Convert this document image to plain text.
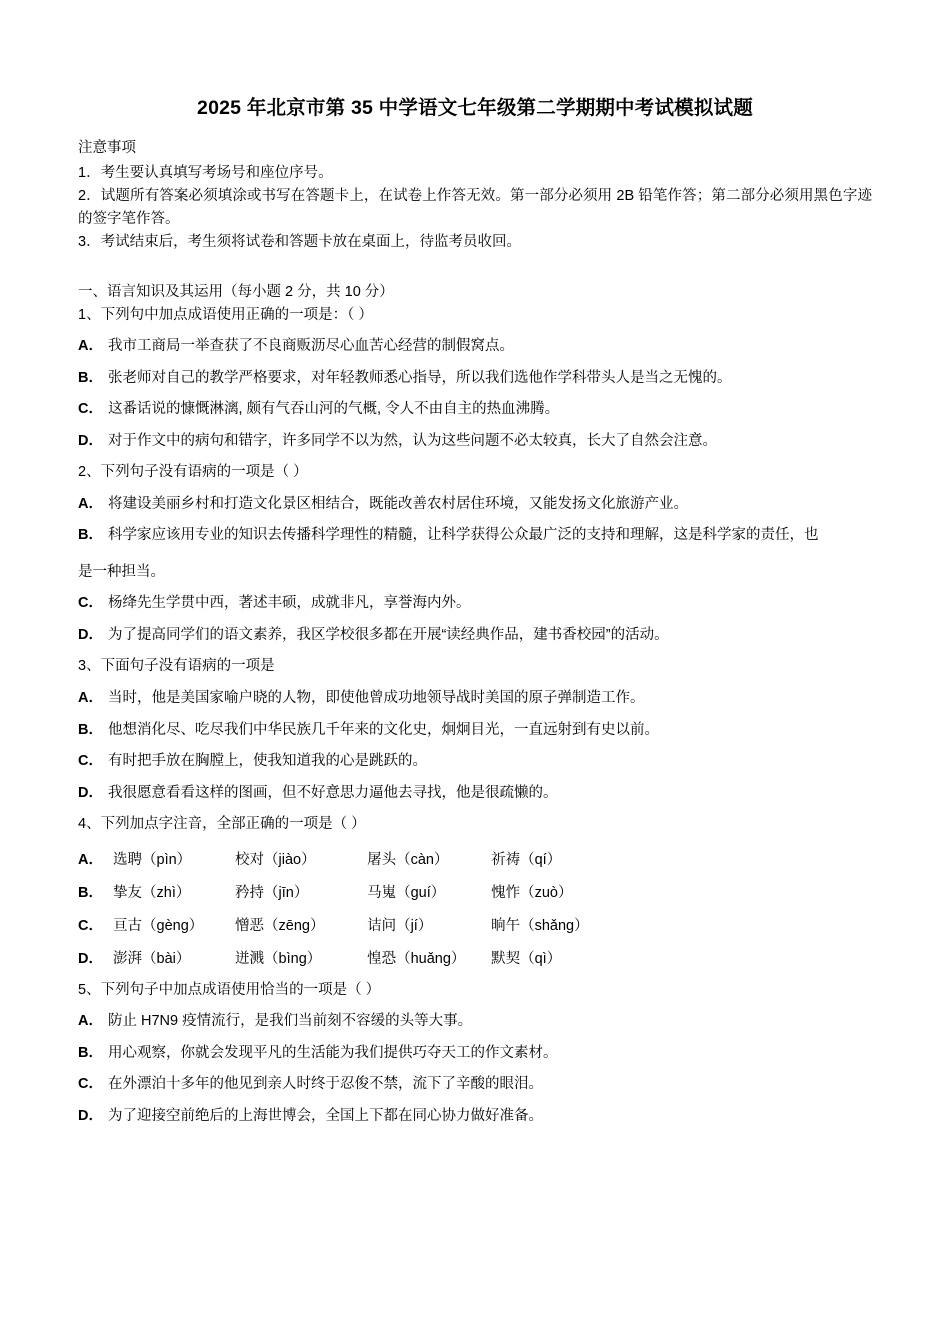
2025 年北京市第 35 中学语文七年级第二学期期中考试模拟试题

注意事项

1．考生要认真填写考场号和座位序号。

2．试题所有答案必须填涂或书写在答题卡上，在试卷上作答无效。第一部分必须用 2B 铅笔作答；第二部分必须用黑色字迹的签字笔作答。

3．考试结束后，考生须将试卷和答题卡放在桌面上，待监考员收回。

一、语言知识及其运用（每小题 2 分，共 10 分）

1、下列句中加点成语使用正确的一项是：（ ）

A． 我市工商局一举查获了不良商贩沥尽心血苦心经营的制假窝点。

B． 张老师对自己的教学严格要求，对年轻教师悉心指导，所以我们选他作学科带头人是当之无愧的。

C． 这番话说的慷慨淋漓, 颇有气吞山河的气概, 令人不由自主的热血沸腾。

D． 对于作文中的病句和错字，许多同学不以为然，认为这些问题不必太较真，长大了自然会注意。

2、下列句子没有语病的一项是（ ）

A． 将建设美丽乡村和打造文化景区相结合，既能改善农村居住环境，又能发扬文化旅游产业。

B． 科学家应该用专业的知识去传播科学理性的精髓，让科学获得公众最广泛的支持和理解，这是科学家的责任，也

是一种担当。

C． 杨绛先生学贯中西，著述丰硕，成就非凡，享誉海内外。

D． 为了提高同学们的语文素养，我区学校很多都在开展“读经典作品，建书香校园”的活动。

3、下面句子没有语病的一项是

A． 当时，他是美国家喻户晓的人物，即使他曾成功地领导战时美国的原子弹制造工作。

B． 他想消化尽、吃尽我们中华民族几千年来的文化史，炯炯目光，一直远射到有史以前。

C． 有时把手放在胸膛上，使我知道我的心是跳跃的。

D． 我很愿意看看这样的图画，但不好意思力逼他去寻找，他是很疏懒的。

4、下列加点字注音，全部正确的一项是（ ）

A． 选聘（pìn）	校对（jiào）	屠头（càn）	祈祷（qí）

B． 挚友（zhì）	矜持（jīn）	马嵬（guí）	愧怍（zuò）

C． 亘古（gèng） 憎恶（zēng）	诘问（jí）	晌午（shǎng）

D． 澎湃（bài）	迸溅（bìng）	惶恐（huǎng） 默契（qì）

5、下列句子中加点成语使用恰当的一项是（ ）

A． 防止 H7N9 疫情流行，是我们当前刻不容缓的头等大事。

B． 用心观察，你就会发现平凡的生活能为我们提供巧夺天工的作文素材。

C． 在外漂泊十多年的他见到亲人时终于忍俊不禁，流下了辛酸的眼泪。

D． 为了迎接空前绝后的上海世博会，全国上下都在同心协力做好准备。
